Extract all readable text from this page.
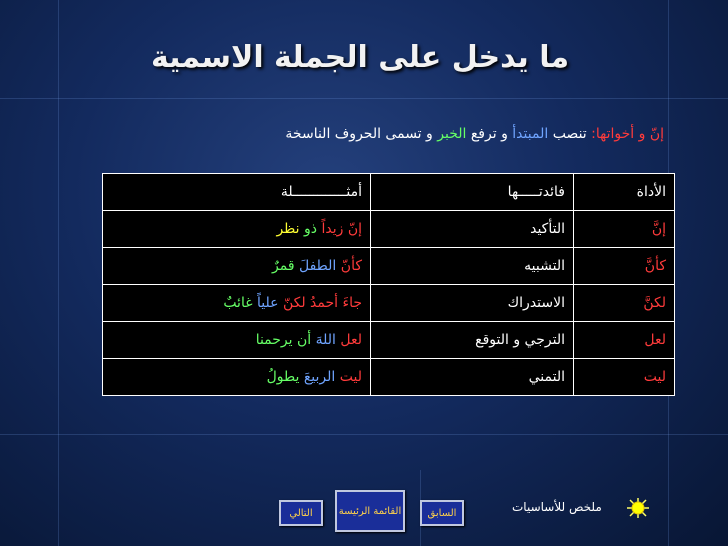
ما يدخل على الجملة الاسمية
إنّ و أخواتها: تنصب المبتدأ و ترفع الخبر و تسمى الحروف الناسخة
الأداة	فائدتـــــها	أمثـــــــــــــلة
إنَّ	التأكيد	إنّ زيداً ذو نظر
كأنَّ	التشبيه	كأنّ الطفلَ قمرٌ
لكنَّ	الاستدراك	جاءَ أحمدُ لكنّ علياً غائبٌ
لعل	الترجي و التوقع	لعل اللهَ أن يرحمنا
ليت	التمني	ليت الربيعَ يطولُ
التالي	القائمة الرئيسة	السابق	ملخص للأساسيات
